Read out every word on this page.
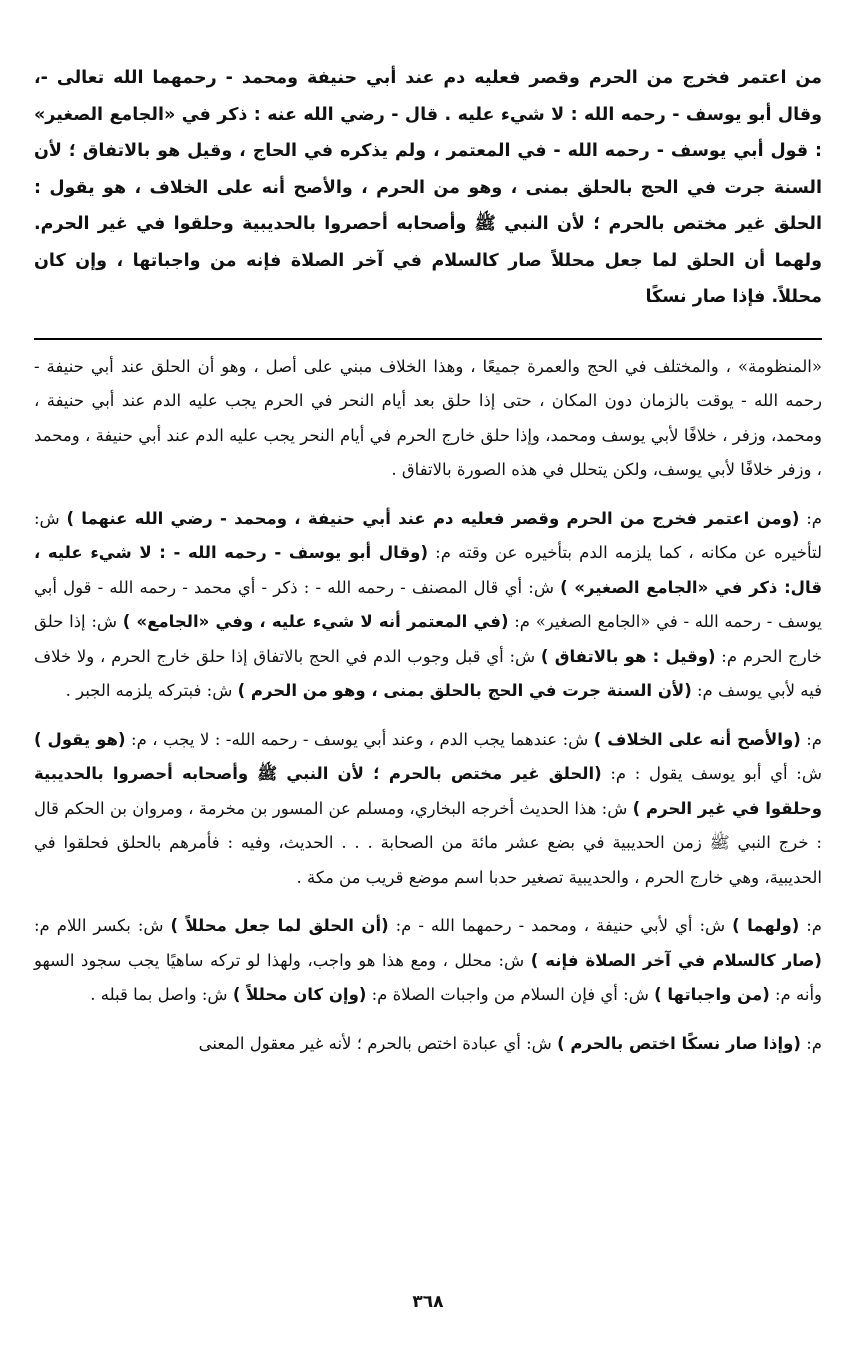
من اعتمر فخرج من الحرم وقصر فعليه دم عند أبي حنيفة ومحمد - رحمهما الله تعالى -، وقال أبو يوسف - رحمه الله : لا شيء عليه . قال - رضي الله عنه : ذكر في «الجامع الصغير» : قول أبي يوسف - رحمه الله - في المعتمر ، ولم يذكره في الحاج ، وقيل هو بالاتفاق ؛ لأن السنة جرت في الحج بالحلق بمنى ، وهو من الحرم ، والأصح أنه على الخلاف ، هو يقول : الحلق غير مختص بالحرم ؛ لأن النبي ﷺ وأصحابه أحصروا بالحديبية وحلقوا في غير الحرم. ولهما أن الحلق لما جعل محللاً صار كالسلام في آخر الصلاة فإنه من واجباتها ، وإن كان محللاً. فإذا صار نسكًا

«المنظومة» ، والمختلف في الحج والعمرة جميعًا ، وهذا الخلاف مبني على أصل ، وهو أن الحلق عند أبي حنيفة - رحمه الله - يوقت بالزمان دون المكان ، حتى إذا حلق بعد أيام النحر في الحرم يجب عليه الدم عند أبي حنيفة ، ومحمد، وزفر ، خلافًا لأبي يوسف ومحمد، وإذا حلق خارج الحرم في أيام النحر يجب عليه الدم عند أبي حنيفة ، ومحمد ، وزفر خلافًا لأبي يوسف، ولكن يتحلل في هذه الصورة بالاتفاق .

م: (ومن اعتمر فخرج من الحرم وقصر فعليه دم عند أبي حنيفة ، ومحمد - رضي الله عنهما ) ش: لتأخيره عن مكانه ، كما يلزمه الدم بتأخيره عن وقته م: (وقال أبو يوسف - رحمه الله - : لا شيء عليه ، قال: ذكر في «الجامع الصغير» ) ش: أي قال المصنف - رحمه الله - : ذكر - أي محمد - رحمه الله - قول أبي يوسف - رحمه الله - في «الجامع الصغير» م: (في المعتمر أنه لا شيء عليه ، وفي «الجامع» ) ش: إذا حلق خارج الحرم م: (وقيل : هو بالاتفاق ) ش: أي قبل وجوب الدم في الحج بالاتفاق إذا حلق خارج الحرم ، ولا خلاف فيه لأبي يوسف م: (لأن السنة جرت في الحج بالحلق بمنى ، وهو من الحرم ) ش: فبتركه يلزمه الجبر .

م: (والأصح أنه على الخلاف ) ش: عندهما يجب الدم ، وعند أبي يوسف - رحمه الله- : لا يجب ، م: (هو يقول ) ش: أي أبو يوسف يقول : م: (الحلق غير مختص بالحرم ؛ لأن النبي ﷺ وأصحابه أحصروا بالحديبية وحلقوا في غير الحرم ) ش: هذا الحديث أخرجه البخاري، ومسلم عن المسور بن مخرمة ، ومروان بن الحكم قال : خرج النبي ﷺ زمن الحديبية في بضع عشر مائة من الصحابة . . . الحديث، وفيه : فأمرهم بالحلق فحلقوا في الحديبية، وهي خارج الحرم ، والحديبية تصغير حدبا اسم موضع قريب من مكة .

م: (ولهما ) ش: أي لأبي حنيفة ، ومحمد - رحمهما الله - م: (أن الحلق لما جعل محللاً ) ش: بكسر اللام م: (صار كالسلام في آخر الصلاة فإنه ) ش: محلل ، ومع هذا هو واجب، ولهذا لو تركه ساهيًا يجب سجود السهو وأنه م: (من واجباتها ) ش: أي فإن السلام من واجبات الصلاة م: (وإن كان محللاً ) ش: واصل بما قبله .

م: (وإذا صار نسكًا اختص بالحرم ) ش: أي عبادة اختص بالحرم ؛ لأنه غير معقول المعنى

٣٦٨
